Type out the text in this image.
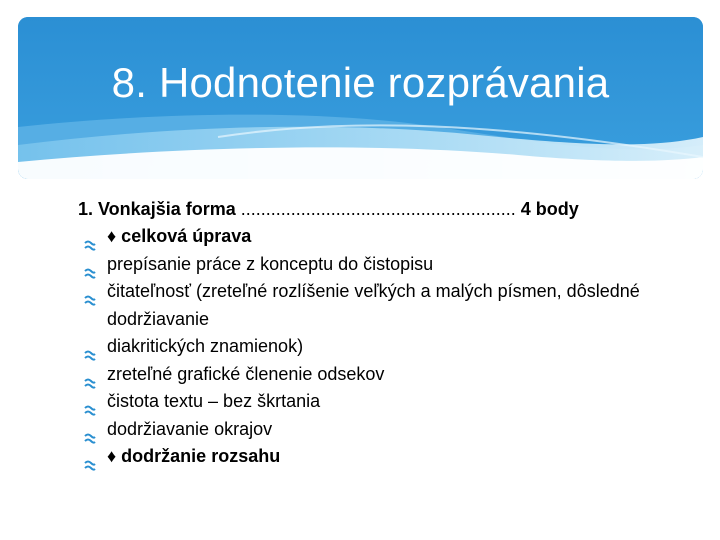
8. Hodnotenie rozprávania
1. Vonkajšia forma ....................................................... 4 body
♦ celková úprava
prepísanie práce z konceptu do čistopisu
čitateľnosť (zreteľné rozlíšenie veľkých a malých písmen, dôsledné dodržiavanie
diakritických znamienok)
zreteľné grafické členenie odsekov
čistota textu – bez škrtania
dodržiavanie okrajov
♦ dodržanie rozsahu
